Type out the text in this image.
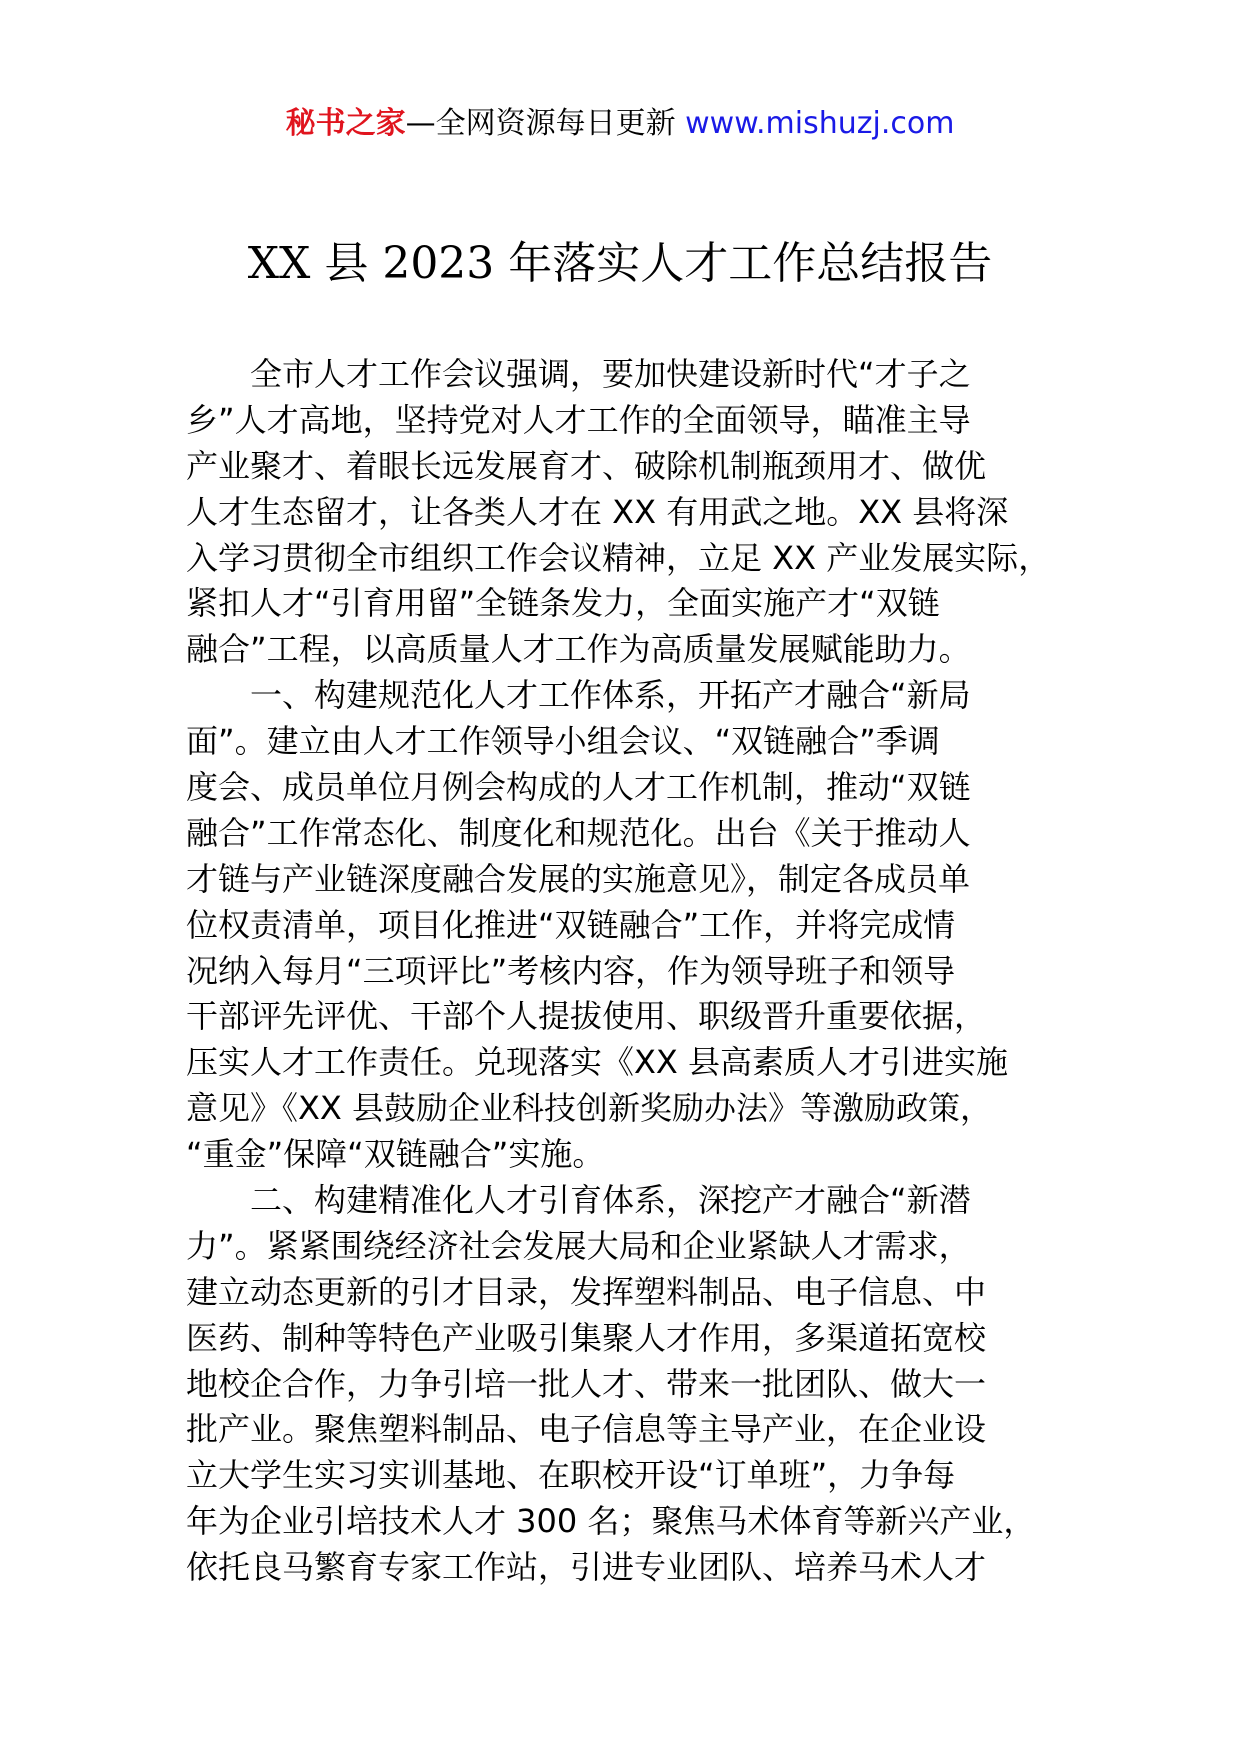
秘书之家—全网资源每日更新 www.mishuzj.com
XX 县 2023 年落实人才工作总结报告
全市人才工作会议强调，要加快建设新时代“才子之
乡”人才高地，坚持党对人才工作的全面领导，瞄准主导
产业聚才、着眼长远发展育才、破除机制瓶颈用才、做优
人才生态留才，让各类人才在 XX 有用武之地。XX 县将深
入学习贯彻全市组织工作会议精神，立足 XX 产业发展实际，
紧扣人才“引育用留”全链条发力，全面实施产才“双链
融合”工程，以高质量人才工作为高质量发展赋能助力。
一、构建规范化人才工作体系，开拓产才融合“新局
面”。建立由人才工作领导小组会议、“双链融合”季调
度会、成员单位月例会构成的人才工作机制，推动“双链
融合”工作常态化、制度化和规范化。出台《关于推动人
才链与产业链深度融合发展的实施意见》，制定各成员单
位权责清单，项目化推进“双链融合”工作，并将完成情
况纳入每月“三项评比”考核内容，作为领导班子和领导
干部评先评优、干部个人提拔使用、职级晋升重要依据，
压实人才工作责任。兑现落实《XX 县高素质人才引进实施
意见》《XX 县鼓励企业科技创新奖励办法》等激励政策，
“重金”保障“双链融合”实施。
二、构建精准化人才引育体系，深挖产才融合“新潜
力”。紧紧围绕经济社会发展大局和企业紧缺人才需求，
建立动态更新的引才目录，发挥塑料制品、电子信息、中
医药、制种等特色产业吸引集聚人才作用，多渠道拓宽校
地校企合作，力争引培一批人才、带来一批团队、做大一
批产业。聚焦塑料制品、电子信息等主导产业，在企业设
立大学生实习实训基地、在职校开设“订单班”，力争每
年为企业引培技术人才 300 名；聚焦马术体育等新兴产业，
依托良马繁育专家工作站，引进专业团队、培养马术人才
